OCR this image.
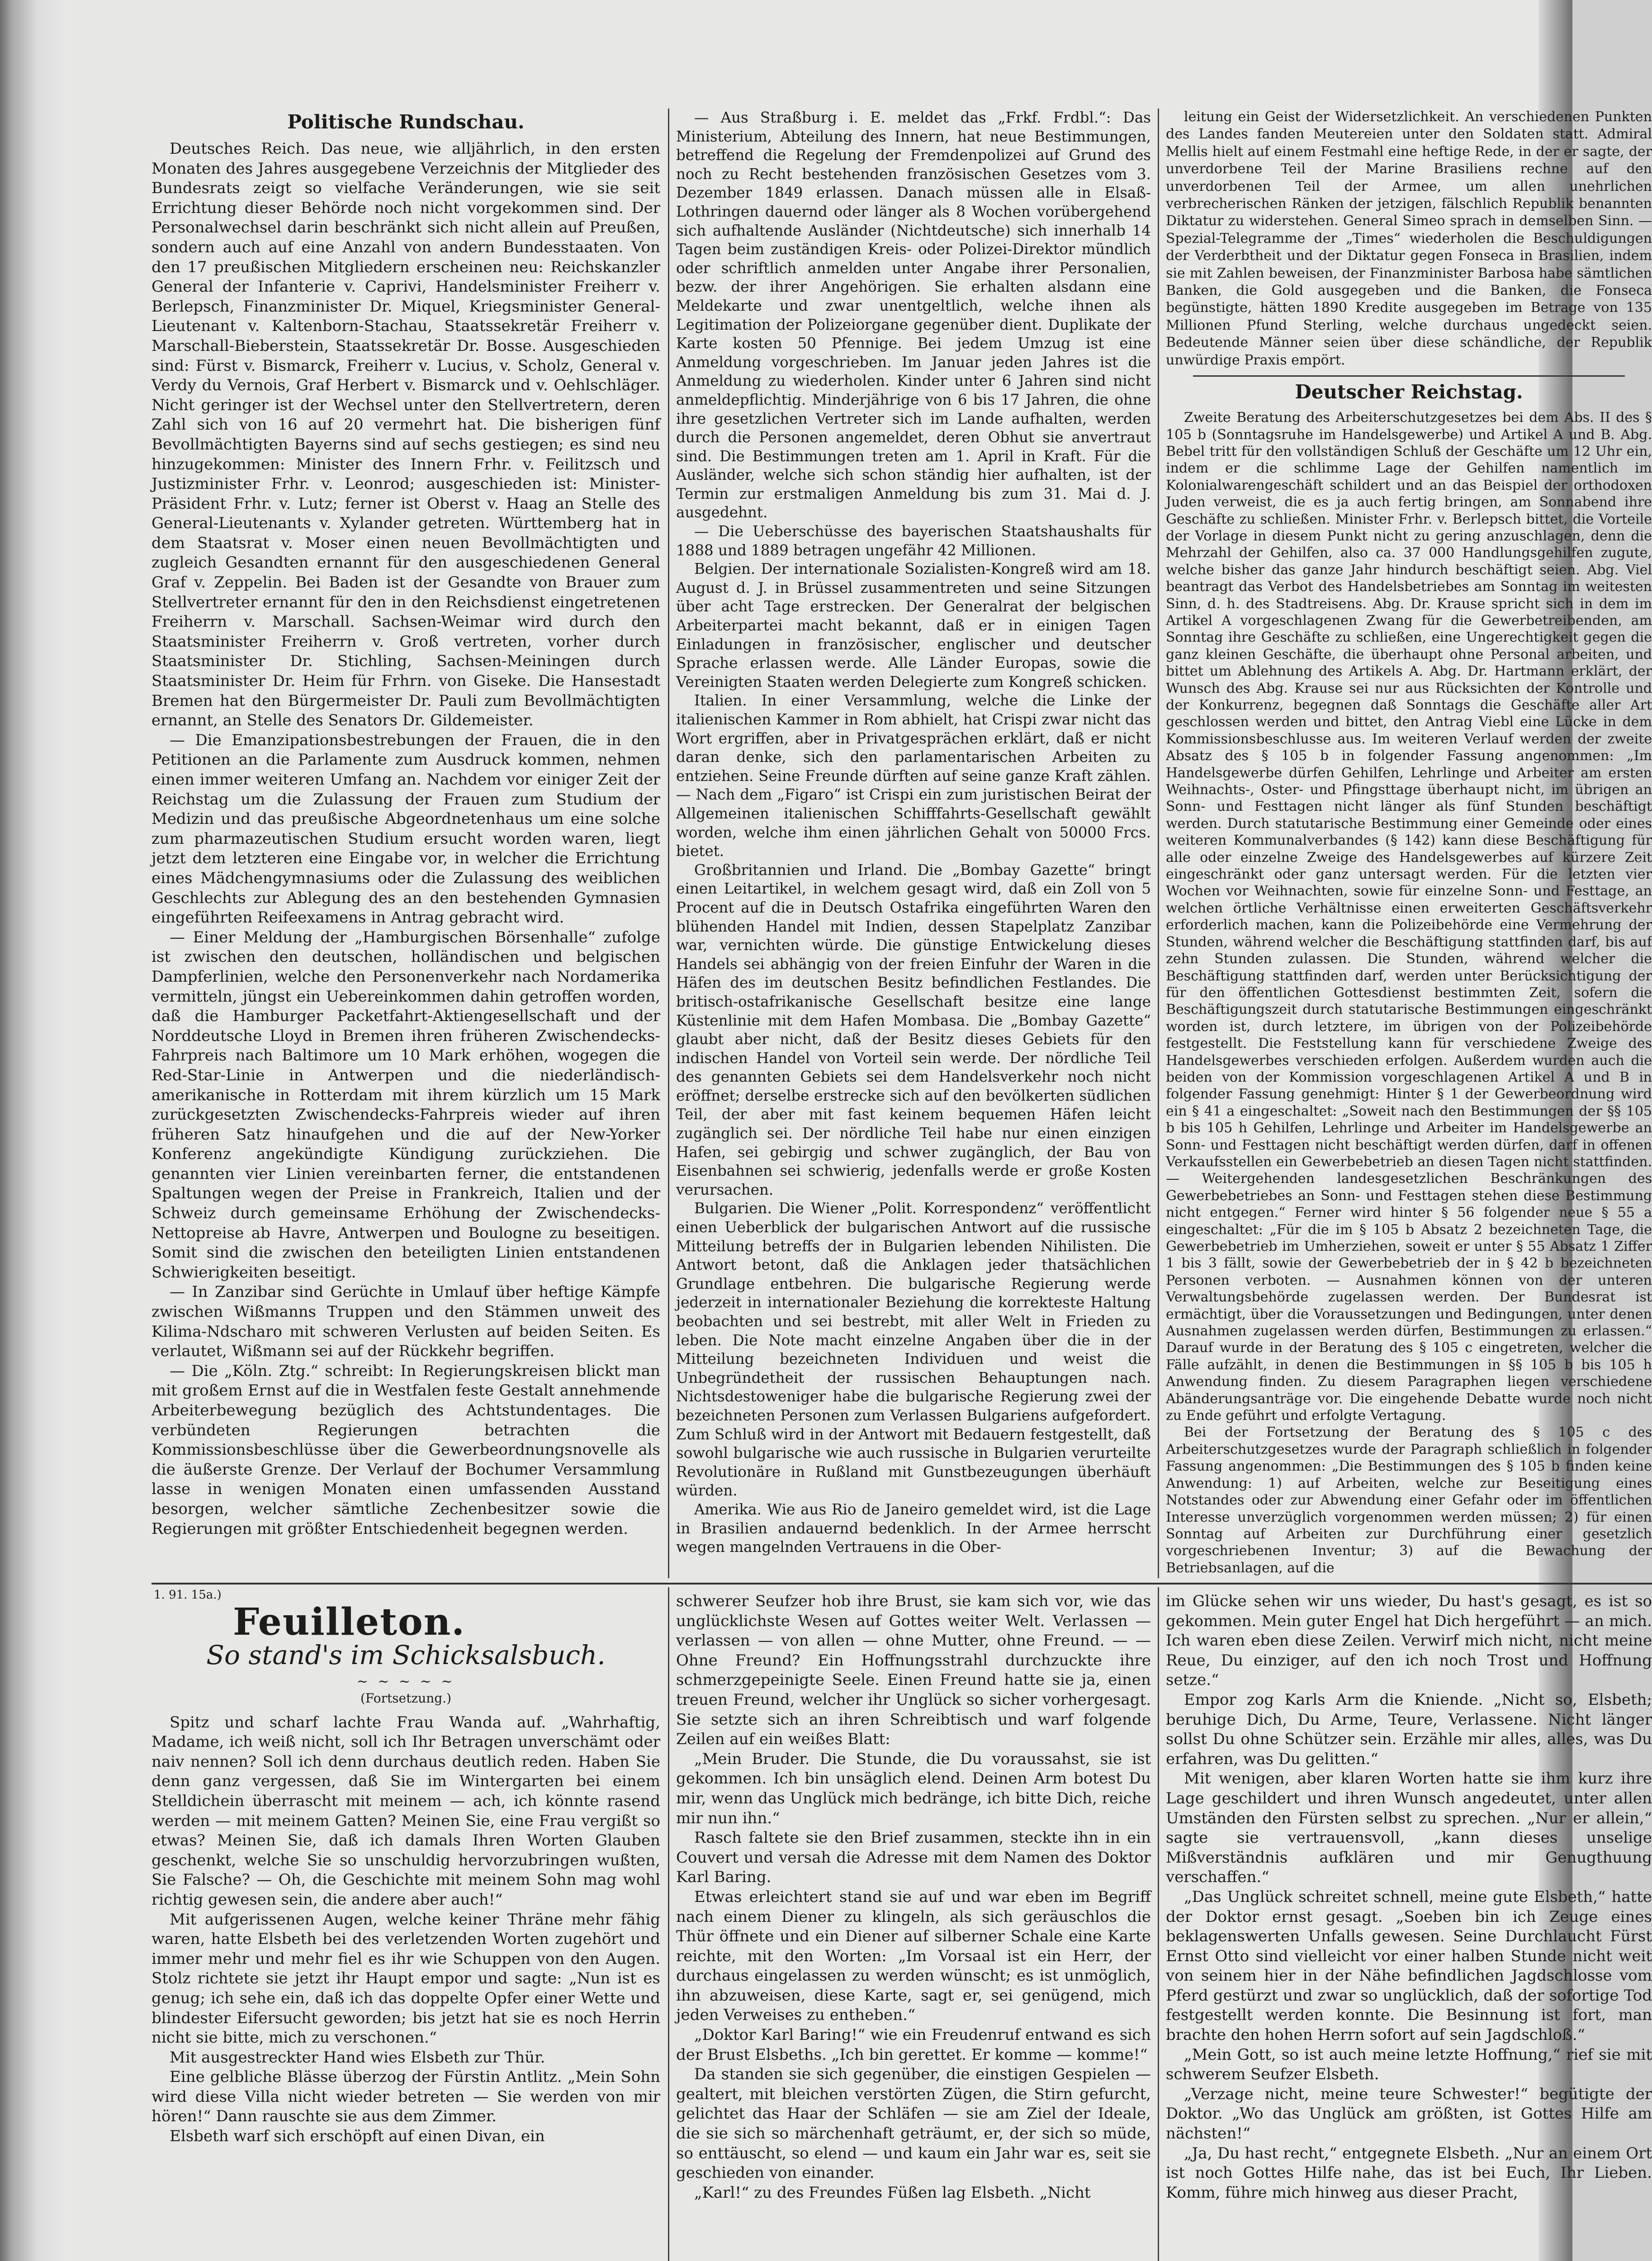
Politische Rundschau.

Deutsches Reich. Das neue, wie alljährlich, in den ersten Monaten des Jahres ausgegebene Verzeichnis der Mitglieder des Bundesrats zeigt so vielfache Veränderungen, wie sie seit Errichtung dieser Behörde noch nicht vorgekommen sind. Der Personalwechsel darin beschränkt sich nicht allein auf Preußen, sondern auch auf eine Anzahl von andern Bundesstaaten. Von den 17 preußischen Mitgliedern erscheinen neu: Reichskanzler General der Infanterie v. Caprivi, Handelsminister Freiherr v. Berlepsch, Finanzminister Dr. Miquel, Kriegsminister General-Lieutenant v. Kaltenborn-Stachau, Staatssekretär Freiherr v. Marschall-Bieberstein, Staatssekretär Dr. Bosse. Ausgeschieden sind: Fürst v. Bismarck, Freiherr v. Lucius, v. Scholz, General v. Verdy du Vernois, Graf Herbert v. Bismarck und v. Oehlschläger. Nicht geringer ist der Wechsel unter den Stellvertretern, deren Zahl sich von 16 auf 20 vermehrt hat. Die bisherigen fünf Bevollmächtigten Bayerns sind auf sechs gestiegen; es sind neu hinzugekommen: Minister des Innern Frhr. v. Feilitzsch und Justizminister Frhr. v. Leonrod; ausgeschieden ist: Minister-Präsident Frhr. v. Lutz; ferner ist Oberst v. Haag an Stelle des General-Lieutenants v. Xylander getreten. Württemberg hat in dem Staatsrat v. Moser einen neuen Bevollmächtigten und zugleich Gesandten ernannt für den ausgeschiedenen General Graf v. Zeppelin. Bei Baden ist der Gesandte von Brauer zum Stellvertreter ernannt für den in den Reichsdienst eingetretenen Freiherrn v. Marschall. Sachsen-Weimar wird durch den Staatsminister Freiherrn v. Groß vertreten, vorher durch Staatsminister Dr. Stichling, Sachsen-Meiningen durch Staatsminister Dr. Heim für Frhrn. von Giseke. Die Hansestadt Bremen hat den Bürgermeister Dr. Pauli zum Bevollmächtigten ernannt, an Stelle des Senators Dr. Gildemeister.

— Die Emanzipationsbestrebungen der Frauen, die in den Petitionen an die Parlamente zum Ausdruck kommen, nehmen einen immer weiteren Umfang an. Nachdem vor einiger Zeit der Reichstag um die Zulassung der Frauen zum Studium der Medizin und das preußische Abgeordnetenhaus um eine solche zum pharmazeutischen Studium ersucht worden waren, liegt jetzt dem letzteren eine Eingabe vor, in welcher die Errichtung eines Mädchengymnasiums oder die Zulassung des weiblichen Geschlechts zur Ablegung des an den bestehenden Gymnasien eingeführten Reifeexamens in Antrag gebracht wird.

— Einer Meldung der „Hamburgischen Börsenhalle“ zufolge ist zwischen den deutschen, holländischen und belgischen Dampferlinien, welche den Personenverkehr nach Nordamerika vermitteln, jüngst ein Uebereinkommen dahin getroffen worden, daß die Hamburger Packetfahrt-Aktiengesellschaft und der Norddeutsche Lloyd in Bremen ihren früheren Zwischendecks-Fahrpreis nach Baltimore um 10 Mark erhöhen, wogegen die Red-Star-Linie in Antwerpen und die niederländisch-amerikanische in Rotterdam mit ihrem kürzlich um 15 Mark zurückgesetzten Zwischendecks-Fahrpreis wieder auf ihren früheren Satz hinaufgehen und die auf der New-Yorker Konferenz angekündigte Kündigung zurückziehen. Die genannten vier Linien vereinbarten ferner, die entstandenen Spaltungen wegen der Preise in Frankreich, Italien und der Schweiz durch gemeinsame Erhöhung der Zwischendecks-Nettopreise ab Havre, Antwerpen und Boulogne zu beseitigen. Somit sind die zwischen den beteiligten Linien entstandenen Schwierigkeiten beseitigt.

— In Zanzibar sind Gerüchte in Umlauf über heftige Kämpfe zwischen Wißmanns Truppen und den Stämmen unweit des Kilima-Ndscharo mit schweren Verlusten auf beiden Seiten. Es verlautet, Wißmann sei auf der Rückkehr begriffen.

— Die „Köln. Ztg.“ schreibt: In Regierungskreisen blickt man mit großem Ernst auf die in Westfalen feste Gestalt annehmende Arbeiterbewegung bezüglich des Achtstundentages. Die verbündeten Regierungen betrachten die Kommissionsbeschlüsse über die Gewerbeordnungsnovelle als die äußerste Grenze. Der Verlauf der Bochumer Versammlung lasse in wenigen Monaten einen umfassenden Ausstand besorgen, welcher sämtliche Zechenbesitzer sowie die Regierungen mit größter Entschiedenheit begegnen werden.

— Aus Straßburg i. E. meldet das „Frkf. Frdbl.“: Das Ministerium, Abteilung des Innern, hat neue Bestimmungen, betreffend die Regelung der Fremdenpolizei auf Grund des noch zu Recht bestehenden französischen Gesetzes vom 3. Dezember 1849 erlassen. Danach müssen alle in Elsaß-Lothringen dauernd oder länger als 8 Wochen vorübergehend sich aufhaltende Ausländer (Nichtdeutsche) sich innerhalb 14 Tagen beim zuständigen Kreis- oder Polizei-Direktor mündlich oder schriftlich anmelden unter Angabe ihrer Personalien, bezw. der ihrer Angehörigen. Sie erhalten alsdann eine Meldekarte und zwar unentgeltlich, welche ihnen als Legitimation der Polizeiorgane gegenüber dient. Duplikate der Karte kosten 50 Pfennige. Bei jedem Umzug ist eine Anmeldung vorgeschrieben. Im Januar jeden Jahres ist die Anmeldung zu wiederholen. Kinder unter 6 Jahren sind nicht anmeldepflichtig. Minderjährige von 6 bis 17 Jahren, die ohne ihre gesetzlichen Vertreter sich im Lande aufhalten, werden durch die Personen angemeldet, deren Obhut sie anvertraut sind. Die Bestimmungen treten am 1. April in Kraft. Für die Ausländer, welche sich schon ständig hier aufhalten, ist der Termin zur erstmaligen Anmeldung bis zum 31. Mai d. J. ausgedehnt.

— Die Ueberschüsse des bayerischen Staatshaushalts für 1888 und 1889 betragen ungefähr 42 Millionen.

Belgien. Der internationale Sozialisten-Kongreß wird am 18. August d. J. in Brüssel zusammentreten und seine Sitzungen über acht Tage erstrecken. Der Generalrat der belgischen Arbeiterpartei macht bekannt, daß er in einigen Tagen Einladungen in französischer, englischer und deutscher Sprache erlassen werde. Alle Länder Europas, sowie die Vereinigten Staaten werden Delegierte zum Kongreß schicken.

Italien. In einer Versammlung, welche die Linke der italienischen Kammer in Rom abhielt, hat Crispi zwar nicht das Wort ergriffen, aber in Privatgesprächen erklärt, daß er nicht daran denke, sich den parlamentarischen Arbeiten zu entziehen. Seine Freunde dürften auf seine ganze Kraft zählen. — Nach dem „Figaro“ ist Crispi ein zum juristischen Beirat der Allgemeinen italienischen Schifffahrts-Gesellschaft gewählt worden, welche ihm einen jährlichen Gehalt von 50000 Frcs. bietet.

Großbritannien und Irland. Die „Bombay Gazette“ bringt einen Leitartikel, in welchem gesagt wird, daß ein Zoll von 5 Procent auf die in Deutsch Ostafrika eingeführten Waren den blühenden Handel mit Indien, dessen Stapelplatz Zanzibar war, vernichten würde. Die günstige Entwickelung dieses Handels sei abhängig von der freien Einfuhr der Waren in die Häfen des im deutschen Besitz befindlichen Festlandes. Die britisch-ostafrikanische Gesellschaft besitze eine lange Küstenlinie mit dem Hafen Mombasa. Die „Bombay Gazette“ glaubt aber nicht, daß der Besitz dieses Gebiets für den indischen Handel von Vorteil sein werde. Der nördliche Teil des genannten Gebiets sei dem Handelsverkehr noch nicht eröffnet; derselbe erstrecke sich auf den bevölkerten südlichen Teil, der aber mit fast keinem bequemen Häfen leicht zugänglich sei. Der nördliche Teil habe nur einen einzigen Hafen, sei gebirgig und schwer zugänglich, der Bau von Eisenbahnen sei schwierig, jedenfalls werde er große Kosten verursachen.

Bulgarien. Die Wiener „Polit. Korrespondenz“ veröffentlicht einen Ueberblick der bulgarischen Antwort auf die russische Mitteilung betreffs der in Bulgarien lebenden Nihilisten. Die Antwort betont, daß die Anklagen jeder thatsächlichen Grundlage entbehren. Die bulgarische Regierung werde jederzeit in internationaler Beziehung die korrekteste Haltung beobachten und sei bestrebt, mit aller Welt in Frieden zu leben. Die Note macht einzelne Angaben über die in der Mitteilung bezeichneten Individuen und weist die Unbegründetheit der russischen Behauptungen nach. Nichtsdestoweniger habe die bulgarische Regierung zwei der bezeichneten Personen zum Verlassen Bulgariens aufgefordert. Zum Schluß wird in der Antwort mit Bedauern festgestellt, daß sowohl bulgarische wie auch russische in Bulgarien verurteilte Revolutionäre in Rußland mit Gunstbezeugungen überhäuft würden.

Amerika. Wie aus Rio de Janeiro gemeldet wird, ist die Lage in Brasilien andauernd bedenklich. In der Armee herrscht wegen mangelnden Vertrauens in die Ober-

leitung ein Geist der Widersetzlichkeit. An verschiedenen Punkten des Landes fanden Meutereien unter den Soldaten statt. Admiral Mellis hielt auf einem Festmahl eine heftige Rede, in der er sagte, der unverdorbene Teil der Marine Brasiliens rechne auf den unverdorbenen Teil der Armee, um allen unehrlichen verbrecherischen Ränken der jetzigen, fälschlich Republik benannten Diktatur zu widerstehen. General Simeo sprach in demselben Sinn. — Spezial-Telegramme der „Times“ wiederholen die Beschuldigungen der Verderbtheit und der Diktatur gegen Fonseca in Brasilien, indem sie mit Zahlen beweisen, der Finanzminister Barbosa habe sämtlichen Banken, die Gold ausgegeben und die Banken, die Fonseca begünstigte, hätten 1890 Kredite ausgegeben im Betrage von 135 Millionen Pfund Sterling, welche durchaus ungedeckt seien. Bedeutende Männer seien über diese schändliche, der Republik unwürdige Praxis empört.

Deutscher Reichstag.

Zweite Beratung des Arbeiterschutzgesetzes bei dem Abs. II des § 105 b (Sonntagsruhe im Handelsgewerbe) und Artikel A und B. Abg. Bebel tritt für den vollständigen Schluß der Geschäfte um 12 Uhr ein, indem er die schlimme Lage der Gehilfen namentlich im Kolonialwarengeschäft schildert und an das Beispiel der orthodoxen Juden verweist, die es ja auch fertig bringen, am Sonnabend ihre Geschäfte zu schließen. Minister Frhr. v. Berlepsch bittet, die Vorteile der Vorlage in diesem Punkt nicht zu gering anzuschlagen, denn die Mehrzahl der Gehilfen, also ca. 37 000 Handlungsgehilfen zugute, welche bisher das ganze Jahr hindurch beschäftigt seien. Abg. Viel beantragt das Verbot des Handelsbetriebes am Sonntag im weitesten Sinn, d. h. des Stadtreisens. Abg. Dr. Krause spricht sich in dem im Artikel A vorgeschlagenen Zwang für die Gewerbetreibenden, am Sonntag ihre Geschäfte zu schließen, eine Ungerechtigkeit gegen die ganz kleinen Geschäfte, die überhaupt ohne Personal arbeiten, und bittet um Ablehnung des Artikels A. Abg. Dr. Hartmann erklärt, der Wunsch des Abg. Krause sei nur aus Rücksichten der Kontrolle und der Konkurrenz, begegnen daß Sonntags die Geschäfte aller Art geschlossen werden und bittet, den Antrag Viebl eine Lücke in dem Kommissionsbeschlusse aus. Im weiteren Verlauf werden der zweite Absatz des § 105 b in folgender Fassung angenommen: „Im Handelsgewerbe dürfen Gehilfen, Lehrlinge und Arbeiter am ersten Weihnachts-, Oster- und Pfingsttage überhaupt nicht, im übrigen an Sonn- und Festtagen nicht länger als fünf Stunden beschäftigt werden. Durch statutarische Bestimmung einer Gemeinde oder eines weiteren Kommunalverbandes (§ 142) kann diese Beschäftigung für alle oder einzelne Zweige des Handelsgewerbes auf kürzere Zeit eingeschränkt oder ganz untersagt werden. Für die letzten vier Wochen vor Weihnachten, sowie für einzelne Sonn- und Festtage, an welchen örtliche Verhältnisse einen erweiterten Geschäftsverkehr erforderlich machen, kann die Polizeibehörde eine Vermehrung der Stunden, während welcher die Beschäftigung stattfinden darf, bis auf zehn Stunden zulassen. Die Stunden, während welcher die Beschäftigung stattfinden darf, werden unter Berücksichtigung der für den öffentlichen Gottesdienst bestimmten Zeit, sofern die Beschäftigungszeit durch statutarische Bestimmungen eingeschränkt worden ist, durch letztere, im übrigen von der Polizeibehörde festgestellt. Die Feststellung kann für verschiedene Zweige des Handelsgewerbes verschieden erfolgen. Außerdem wurden auch die beiden von der Kommission vorgeschlagenen Artikel A und B in folgender Fassung genehmigt: Hinter § 1 der Gewerbeordnung wird ein § 41 a eingeschaltet: „Soweit nach den Bestimmungen der §§ 105 b bis 105 h Gehilfen, Lehrlinge und Arbeiter im Handelsgewerbe an Sonn- und Festtagen nicht beschäftigt werden dürfen, darf in offenen Verkaufsstellen ein Gewerbebetrieb an diesen Tagen nicht stattfinden. — Weitergehenden landesgesetzlichen Beschränkungen des Gewerbebetriebes an Sonn- und Festtagen stehen diese Bestimmung nicht entgegen.“ Ferner wird hinter § 56 folgender neue § 55 a eingeschaltet: „Für die im § 105 b Absatz 2 bezeichneten Tage, die Gewerbebetrieb im Umherziehen, soweit er unter § 55 Absatz 1 Ziffer 1 bis 3 fällt, sowie der Gewerbebetrieb der in § 42 b bezeichneten Personen verboten. — Ausnahmen können von der unteren Verwaltungsbehörde zugelassen werden. Der Bundesrat ist ermächtigt, über die Voraussetzungen und Bedingungen, unter denen Ausnahmen zugelassen werden dürfen, Bestimmungen zu erlassen.“ Darauf wurde in der Beratung des § 105 c eingetreten, welcher die Fälle aufzählt, in denen die Bestimmungen in §§ 105 b bis 105 h Anwendung finden. Zu diesem Paragraphen liegen verschiedene Abänderungsanträge vor. Die eingehende Debatte wurde noch nicht zu Ende geführt und erfolgte Vertagung.

Bei der Fortsetzung der Beratung des § 105 c des Arbeiterschutzgesetzes wurde der Paragraph schließlich in folgender Fassung angenommen: „Die Bestimmungen des § 105 b finden keine Anwendung: 1) auf Arbeiten, welche zur Beseitigung eines Notstandes oder zur Abwendung einer Gefahr oder im öffentlichen Interesse unverzüglich vorgenommen werden müssen; 2) für einen Sonntag auf Arbeiten zur Durchführung einer gesetzlich vorgeschriebenen Inventur; 3) auf die Bewachung der Betriebsanlagen, auf die

1. 91. 15a.)
Feuilleton.
So stand's im Schicksalsbuch.
~ ~ ~ ~ ~
(Fortsetzung.)

Spitz und scharf lachte Frau Wanda auf. „Wahrhaftig, Madame, ich weiß nicht, soll ich Ihr Betragen unverschämt oder naiv nennen? Soll ich denn durchaus deutlich reden. Haben Sie denn ganz vergessen, daß Sie im Wintergarten bei einem Stelldichein überrascht mit meinem — ach, ich könnte rasend werden — mit meinem Gatten? Meinen Sie, eine Frau vergißt so etwas? Meinen Sie, daß ich damals Ihren Worten Glauben geschenkt, welche Sie so unschuldig hervorzubringen wußten, Sie Falsche? — Oh, die Geschichte mit meinem Sohn mag wohl richtig gewesen sein, die andere aber auch!“

Mit aufgerissenen Augen, welche keiner Thräne mehr fähig waren, hatte Elsbeth bei des verletzenden Worten zugehört und immer mehr und mehr fiel es ihr wie Schuppen von den Augen. Stolz richtete sie jetzt ihr Haupt empor und sagte: „Nun ist es genug; ich sehe ein, daß ich das doppelte Opfer einer Wette und blindester Eifersucht geworden; bis jetzt hat sie es noch Herrin nicht sie bitte, mich zu verschonen.“

Mit ausgestreckter Hand wies Elsbeth zur Thür.

Eine gelbliche Blässe überzog der Fürstin Antlitz. „Mein Sohn wird diese Villa nicht wieder betreten — Sie werden von mir hören!“ Dann rauschte sie aus dem Zimmer.

Elsbeth warf sich erschöpft auf einen Divan, ein

schwerer Seufzer hob ihre Brust, sie kam sich vor, wie das unglücklichste Wesen auf Gottes weiter Welt. Verlassen — verlassen — von allen — ohne Mutter, ohne Freund. — — Ohne Freund? Ein Hoffnungsstrahl durchzuckte ihre schmerzgepeinigte Seele. Einen Freund hatte sie ja, einen treuen Freund, welcher ihr Unglück so sicher vorhergesagt. Sie setzte sich an ihren Schreibtisch und warf folgende Zeilen auf ein weißes Blatt:

„Mein Bruder. Die Stunde, die Du voraussahst, sie ist gekommen. Ich bin unsäglich elend. Deinen Arm botest Du mir, wenn das Unglück mich bedränge, ich bitte Dich, reiche mir nun ihn.“

Rasch faltete sie den Brief zusammen, steckte ihn in ein Couvert und versah die Adresse mit dem Namen des Doktor Karl Baring.

Etwas erleichtert stand sie auf und war eben im Begriff nach einem Diener zu klingeln, als sich geräuschlos die Thür öffnete und ein Diener auf silberner Schale eine Karte reichte, mit den Worten: „Im Vorsaal ist ein Herr, der durchaus eingelassen zu werden wünscht; es ist unmöglich, ihn abzuweisen, diese Karte, sagt er, sei genügend, mich jeden Verweises zu entheben.“

„Doktor Karl Baring!“ wie ein Freudenruf entwand es sich der Brust Elsbeths. „Ich bin gerettet. Er komme — komme!“

Da standen sie sich gegenüber, die einstigen Gespielen — gealtert, mit bleichen verstörten Zügen, die Stirn gefurcht, gelichtet das Haar der Schläfen — sie am Ziel der Ideale, die sie sich so märchenhaft geträumt, er, der sich so müde, so enttäuscht, so elend — und kaum ein Jahr war es, seit sie geschieden von einander.

„Karl!“ zu des Freundes Füßen lag Elsbeth. „Nicht

im Glücke sehen wir uns wieder, Du hast's gesagt, es ist so gekommen. Mein guter Engel hat Dich hergeführt — an mich. Ich waren eben diese Zeilen. Verwirf mich nicht, nicht meine Reue, Du einziger, auf den ich noch Trost und Hoffnung setze.“

Empor zog Karls Arm die Kniende. „Nicht so, Elsbeth; beruhige Dich, Du Arme, Teure, Verlassene. Nicht länger sollst Du ohne Schützer sein. Erzähle mir alles, alles, was Du erfahren, was Du gelitten.“

Mit wenigen, aber klaren Worten hatte sie ihm kurz ihre Lage geschildert und ihren Wunsch angedeutet, unter allen Umständen den Fürsten selbst zu sprechen. „Nur er allein,“ sagte sie vertrauensvoll, „kann dieses unselige Mißverständnis aufklären und mir Genugthuung verschaffen.“

„Das Unglück schreitet schnell, meine gute Elsbeth,“ hatte der Doktor ernst gesagt. „Soeben bin ich Zeuge eines beklagenswerten Unfalls gewesen. Seine Durchlaucht Fürst Ernst Otto sind vielleicht vor einer halben Stunde nicht weit von seinem hier in der Nähe befindlichen Jagdschlosse vom Pferd gestürzt und zwar so unglücklich, daß der sofortige Tod festgestellt werden konnte. Die Besinnung ist fort, man brachte den hohen Herrn sofort auf sein Jagdschloß.“

„Mein Gott, so ist auch meine letzte Hoffnung,“ rief sie mit schwerem Seufzer Elsbeth.

„Verzage nicht, meine teure Schwester!“ begütigte der Doktor. „Wo das Unglück am größten, ist Gottes Hilfe am nächsten!“

„Ja, Du hast recht,“ entgegnete Elsbeth. „Nur an einem Ort ist noch Gottes Hilfe nahe, das ist bei Euch, Ihr Lieben. Komm, führe mich hinweg aus dieser Pracht,
